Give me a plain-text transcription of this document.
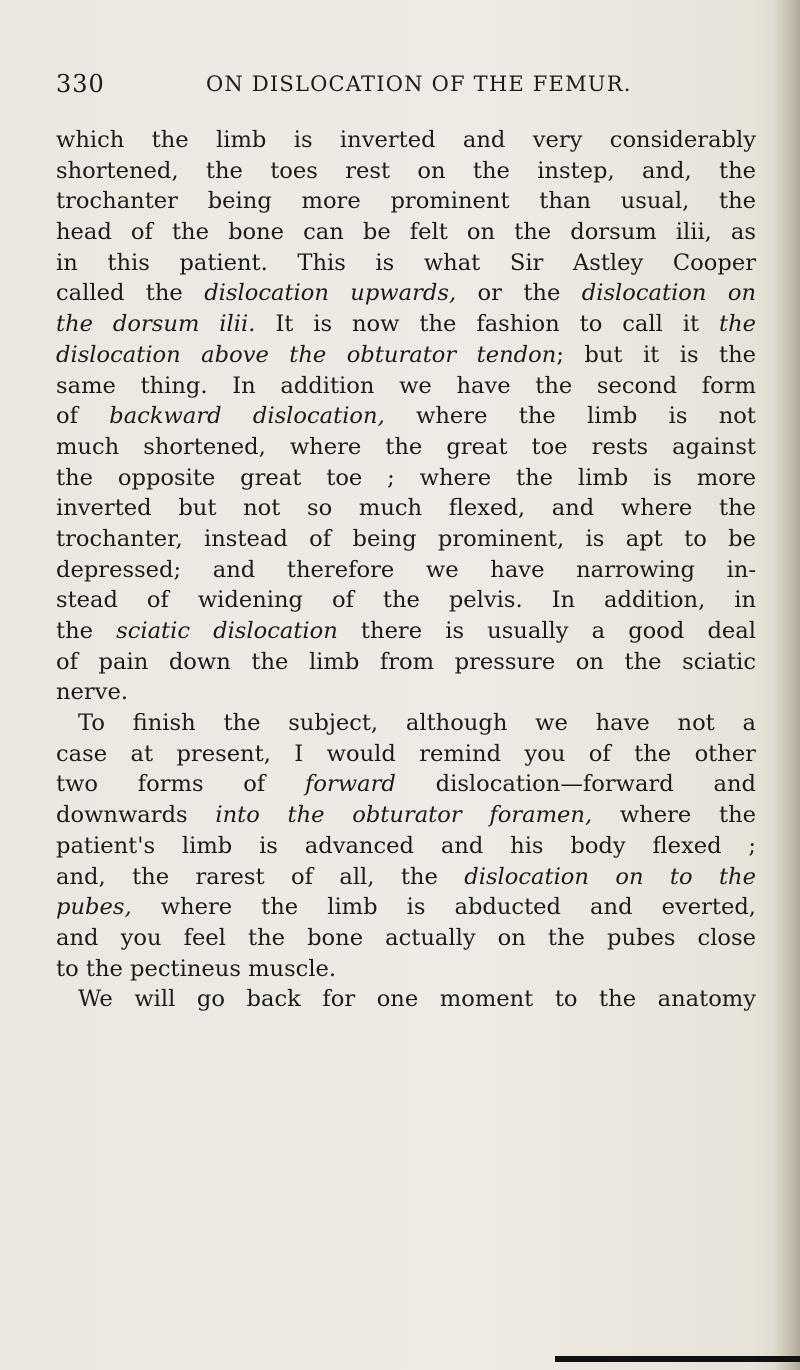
330	ON DISLOCATION OF THE FEMUR.
which the limb is inverted and very considerably
shortened, the toes rest on the instep, and, the
trochanter being more prominent than usual, the
head of the bone can be felt on the dorsum ilii, as
in this patient. This is what Sir Astley Cooper
called the dislocation upwards, or the dislocation on
the dorsum ilii. It is now the fashion to call it the
dislocation above the obturator tendon; but it is the
same thing. In addition we have the second form
of backward dislocation, where the limb is not
much shortened, where the great toe rests against
the opposite great toe ; where the limb is more
inverted but not so much flexed, and where the
trochanter, instead of being prominent, is apt to be
depressed; and therefore we have narrowing in-
stead of widening of the pelvis. In addition, in
the sciatic dislocation there is usually a good deal
of pain down the limb from pressure on the sciatic
nerve.
To finish the subject, although we have not a
case at present, I would remind you of the other
two forms of forward dislocation—forward and
downwards into the obturator foramen, where the
patient's limb is advanced and his body flexed ;
and, the rarest of all, the dislocation on to the
pubes, where the limb is abducted and everted,
and you feel the bone actually on the pubes close
to the pectineus muscle.
We will go back for one moment to the anatomy
